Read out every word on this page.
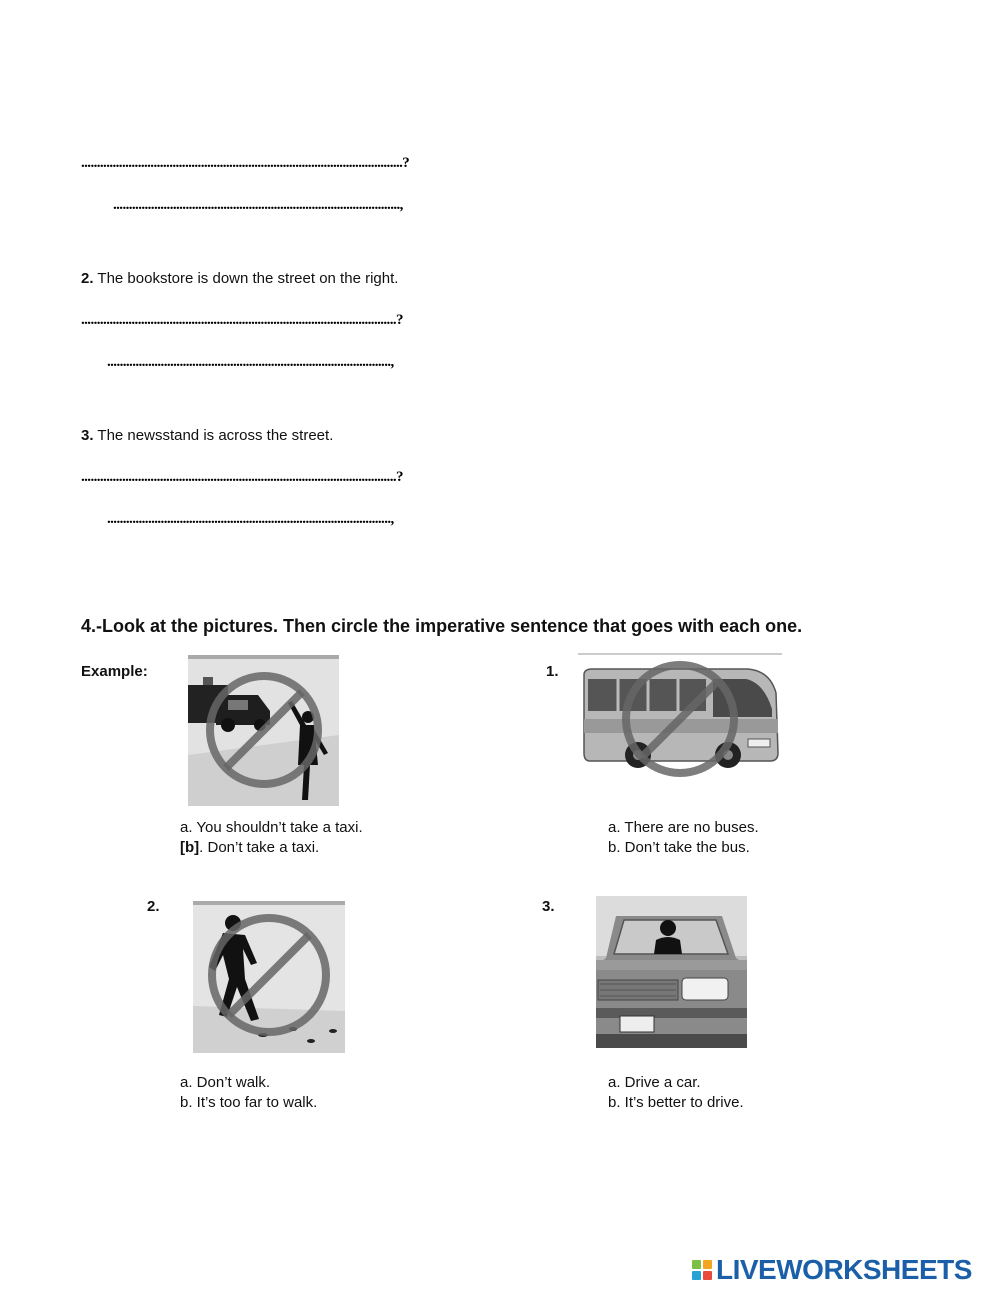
......................................................................................................?
...........................................................................................,
2. The bookstore is down the street on the right.
....................................................................................................?
..........................................................................................,
3. The newsstand is across the street.
....................................................................................................?
..........................................................................................,
4.-Look at the pictures. Then circle the imperative sentence that goes with each one.
Example:
a. You shouldn’t take a taxi.
[b]. Don’t take a taxi.
1.
a. There are no buses.
b. Don’t take the bus.
2.
a. Don’t walk.
b. It’s too far to walk.
3.
a. Drive a car.
b. It’s better to drive.
LIVEWORKSHEETS
